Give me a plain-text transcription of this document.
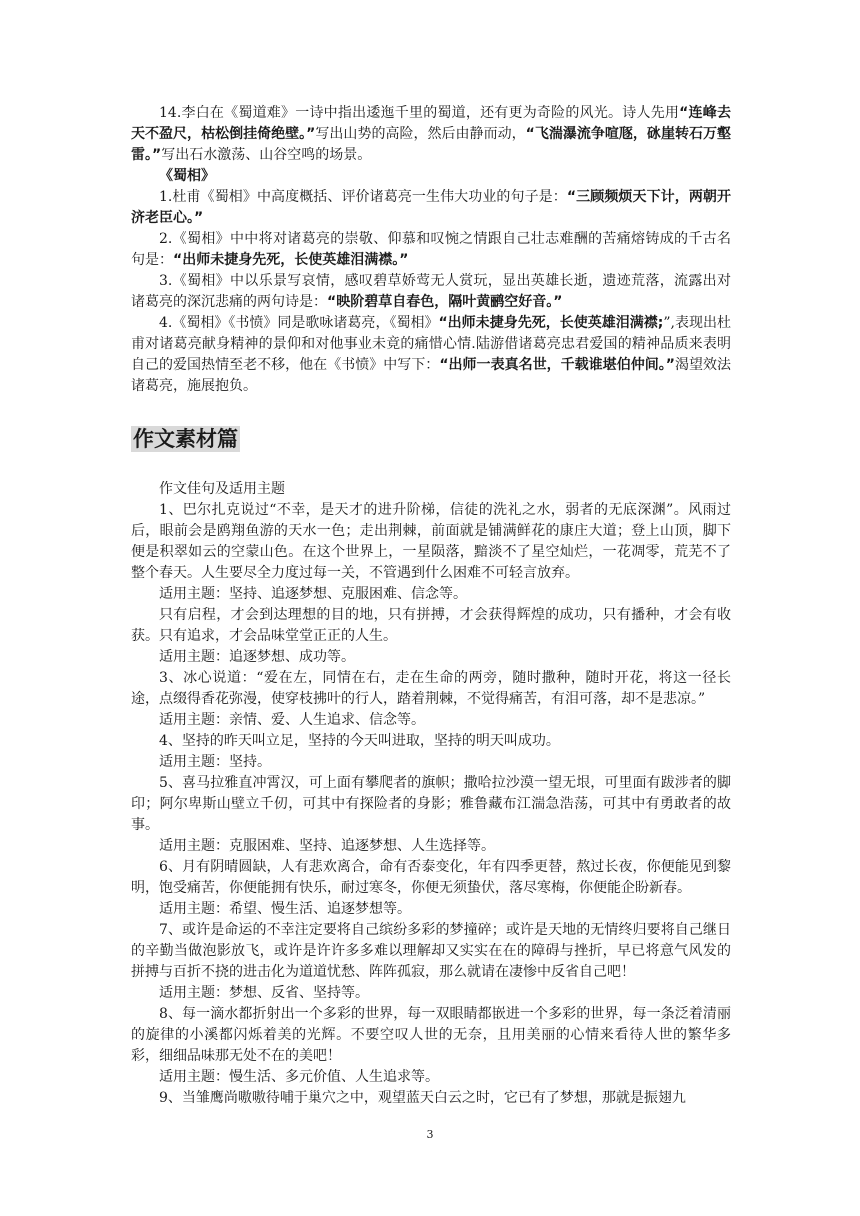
14.李白在《蜀道难》一诗中指出逶迤千里的蜀道，还有更为奇险的风光。诗人先用“连峰去天不盈尺，枯松倒挂倚绝壁。”写出山势的高险，然后由静而动，“飞湍瀑流争喧豗，砯崖转石万壑雷。”写出石水激荡、山谷空鸣的场景。

《蜀相》

1.杜甫《蜀相》中高度概括、评价诸葛亮一生伟大功业的句子是：“三顾频烦天下计，两朝开济老臣心。”

2.《蜀相》中中将对诸葛亮的崇敬、仰慕和叹惋之情跟自己壮志难酬的苦痛熔铸成的千古名句是：“出师未捷身先死，长使英雄泪满襟。”

3.《蜀相》中以乐景写哀情，感叹碧草娇莺无人赏玩，显出英雄长逝，遗迹荒落，流露出对诸葛亮的深沉悲痛的两句诗是：“映阶碧草自春色，隔叶黄鹂空好音。”

4.《蜀相》《书愤》同是歌咏诸葛亮，《蜀相》“出师未捷身先死，长使英雄泪满襟;”,表现出杜甫对诸葛亮献身精神的景仰和对他事业未竟的痛惜心情.陆游借诸葛亮忠君爱国的精神品质来表明自己的爱国热情至老不移，他在《书愤》中写下：“出师一表真名世，千载谁堪伯仲间。”渴望效法诸葛亮，施展抱负。

作文素材篇

作文佳句及适用主题

1、巴尔扎克说过“不幸，是天才的进升阶梯，信徒的洗礼之水，弱者的无底深渊”。风雨过后，眼前会是鸥翔鱼游的天水一色；走出荆棘，前面就是铺满鲜花的康庄大道；登上山顶，脚下便是积翠如云的空蒙山色。在这个世界上，一星陨落，黯淡不了星空灿烂，一花凋零，荒芜不了整个春天。人生要尽全力度过每一关，不管遇到什么困难不可轻言放弃。

适用主题：坚持、追逐梦想、克服困难、信念等。

只有启程，才会到达理想的目的地，只有拼搏，才会获得辉煌的成功，只有播种，才会有收获。只有追求，才会品味堂堂正正的人生。

适用主题：追逐梦想、成功等。

3、冰心说道：“爱在左，同情在右，走在生命的两旁，随时撒种，随时开花，将这一径长途，点缀得香花弥漫，使穿枝拂叶的行人，踏着荆棘，不觉得痛苦，有泪可落，却不是悲凉。”

适用主题：亲情、爱、人生追求、信念等。

4、坚持的昨天叫立足，坚持的今天叫进取，坚持的明天叫成功。

适用主题：坚持。

5、喜马拉雅直冲霄汉，可上面有攀爬者的旗帜；撒哈拉沙漠一望无垠，可里面有跋涉者的脚印；阿尔卑斯山壁立千仞，可其中有探险者的身影；雅鲁藏布江湍急浩荡，可其中有勇敢者的故事。

适用主题：克服困难、坚持、追逐梦想、人生选择等。

6、月有阴晴圆缺，人有悲欢离合，命有否泰变化，年有四季更替，熬过长夜，你便能见到黎明，饱受痛苦，你便能拥有快乐，耐过寒冬，你便无须蛰伏，落尽寒梅，你便能企盼新春。

适用主题：希望、慢生活、追逐梦想等。

7、或许是命运的不幸注定要将自己缤纷多彩的梦撞碎；或许是天地的无情终归要将自己继日的辛勤当做泡影放飞，或许是许许多多难以理解却又实实在在的障碍与挫折，早已将意气风发的拼搏与百折不挠的进击化为道道忧愁、阵阵孤寂，那么就请在凄惨中反省自己吧！

适用主题：梦想、反省、坚持等。

8、每一滴水都折射出一个多彩的世界，每一双眼睛都嵌进一个多彩的世界，每一条泛着清丽的旋律的小溪都闪烁着美的光辉。不要空叹人世的无奈，且用美丽的心情来看待人世的繁华多彩，细细品味那无处不在的美吧！

适用主题：慢生活、多元价值、人生追求等。

9、当雏鹰尚嗷嗷待哺于巢穴之中，观望蓝天白云之时，它已有了梦想，那就是振翅九

3
